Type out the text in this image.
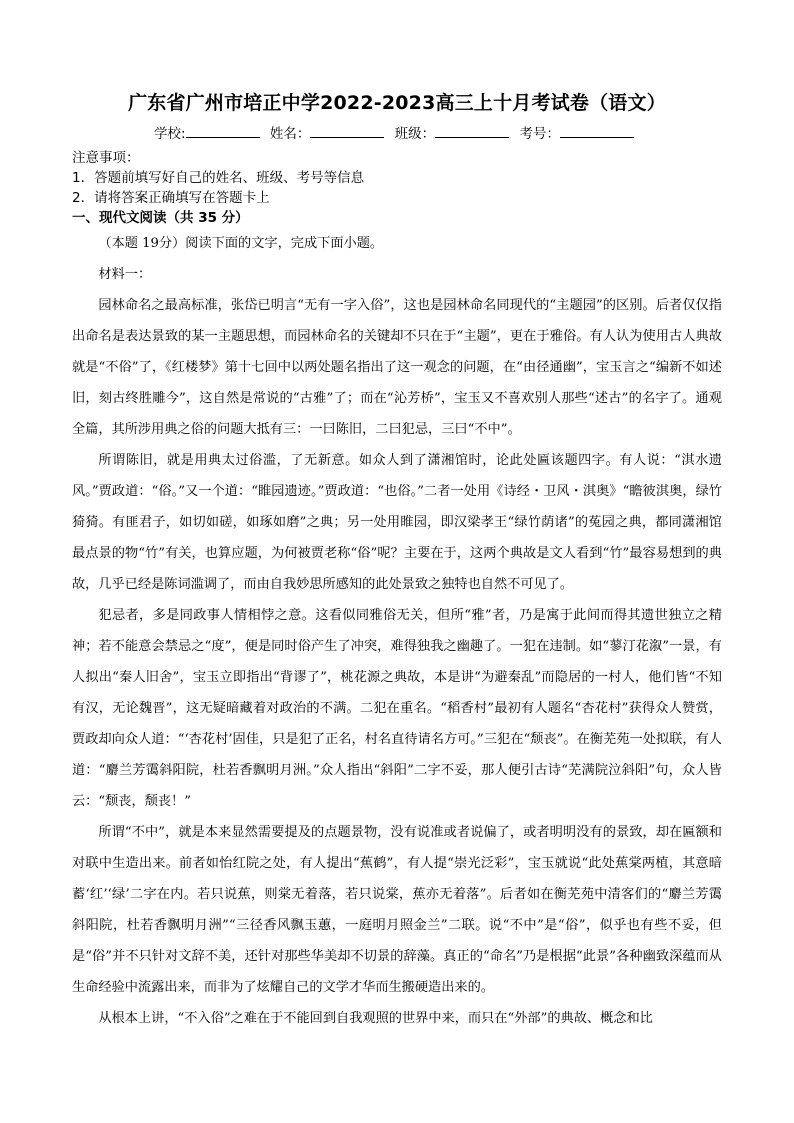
广东省广州市培正中学2022-2023高三上十月考试卷（语文）
学校:	姓名：	班级：	考号：
注意事项：
1．答题前填写好自己的姓名、班级、考号等信息
2．请将答案正确填写在答题卡上
一、现代文阅读（共 35 分）
（本题 19分）阅读下面的文字，完成下面小题。
材料一：

园林命名之最高标准，张岱已明言“无有一字入俗”，这也是园林命名同现代的“主题园”的区别。后者仅仅指出命名是表达景致的某一主题思想，而园林命名的关键却不只在于“主题”，更在于雅俗。有人认为使用古人典故就是“不俗”了，《红楼梦》第十七回中以两处题名指出了这一观念的问题，在“由径通幽”，宝玉言之“编新不如述旧，刻古终胜雕今”，这自然是常说的“古雅”了；而在“沁芳桥”，宝玉又不喜欢别人那些“述古”的名字了。通观全篇，其所涉用典之俗的问题大抵有三：一曰陈旧，二曰犯忌，三曰“不中”。

所谓陈旧，就是用典太过俗滥，了无新意。如众人到了潇湘馆时，论此处匾该题四字。有人说：“淇水遗风。”贾政道：“俗。”又一个道：“睢园遗迹。”贾政道：“也俗。”二者一处用《诗经・卫风・淇奥》“瞻彼淇奥，绿竹猗猗。有匪君子，如切如磋，如琢如磨”之典；另一处用睢园，即汉梁孝王“绿竹荫诸”的菟园之典，都同潇湘馆最点景的物“竹”有关，也算应题，为何被贾老称“俗”呢？主要在于，这两个典故是文人看到“竹”最容易想到的典故，几乎已经是陈词滥调了，而由自我妙思所感知的此处景致之独特也自然不可见了。

犯忌者，多是同政事人情相悖之意。这看似同雅俗无关，但所“雅”者，乃是寓于此间而得其遗世独立之精神；若不能意会禁忌之“度”，便是同时俗产生了冲突，难得独我之幽趣了。一犯在违制。如“蓼汀花溆”一景，有人拟出“秦人旧舍”，宝玉立即指出“背谬了”，桃花源之典故，本是讲“为避秦乱”而隐居的一村人，他们皆“不知有汉，无论魏晋”，这无疑暗藏着对政治的不满。二犯在重名。“稻香村”最初有人题名“杏花村”获得众人赞赏，贾政却向众人道：“‘杏花村’固佳，只是犯了正名，村名直待请名方可。”三犯在“颓丧”。在衡芜苑一处拟联，有人道：“麝兰芳霭斜阳院，杜若香飘明月洲。”众人指出“斜阳”二字不妥，那人便引古诗“芜满院泣斜阳”句，众人皆云：“颓丧，颓丧！”

所谓“不中”，就是本来显然需要提及的点题景物，没有说准或者说偏了，或者明明没有的景致，却在匾额和对联中生造出来。前者如怡红院之处，有人提出“蕉鹤”，有人提“崇光泛彩”，宝玉就说“此处蕉棠两植，其意暗蓄‘红’‘绿’二字在内。若只说蕉，则棠无着落，若只说棠，蕉亦无着落”。后者如在衡芜苑中清客们的“麝兰芳霭斜阳院，杜若香飘明月洲”“三径香风飘玉蕙，一庭明月照金兰”二联。说“不中”是“俗”，似乎也有些不妥，但是“俗”并不只针对文辞不美，还针对那些华美却不切景的辞藻。真正的“命名”乃是根据“此景”各种幽致深蕴而从生命经验中流露出来，而非为了炫耀自己的文学才华而生搬硬造出来的。

从根本上讲，“不入俗”之难在于不能回到自我观照的世界中来，而只在“外部”的典故、概念和比
